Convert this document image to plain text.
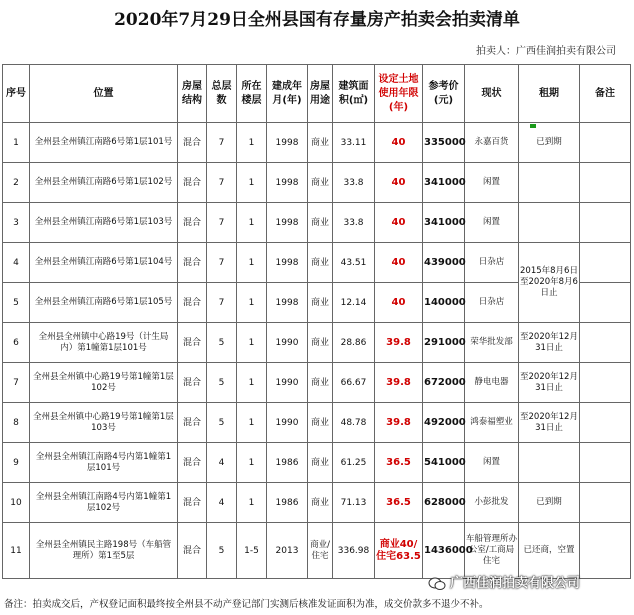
2020年7月29日全州县国有存量房产拍卖会拍卖清单
拍卖人：广西佳润拍卖有限公司
序号	位置	房屋结构	总层数	所在楼层	建成年月(年)	房屋用途	建筑面积(㎡)	设定土地使用年限(年)	参考价(元)	现状	租期	备注
1	全州县全州镇江南路6号第1层101号	混合	7	1	1998	商业	33.11	40	335000	永嘉百货	已到期	
2	全州县全州镇江南路6号第1层102号	混合	7	1	1998	商业	33.8	40	341000	闲置		
3	全州县全州镇江南路6号第1层103号	混合	7	1	1998	商业	33.8	40	341000	闲置		
4	全州县全州镇江南路6号第1层104号	混合	7	1	1998	商业	43.51	40	439000	日杂店	2015年8月6日至2020年8月6日止	
5	全州县全州镇江南路6号第1层105号	混合	7	1	1998	商业	12.14	40	140000	日杂店		
6	全州县全州镇中心路19号（计生局内）第1幢第1层101号	混合	5	1	1990	商业	28.86	39.8	291000	荣华批发部	至2020年12月31日止	
7	全州县全州镇中心路19号第1幢第1层102号	混合	5	1	1990	商业	66.67	39.8	672000	静电电器	至2020年12月31日止	
8	全州县全州镇中心路19号第1幢第1层103号	混合	5	1	1990	商业	48.78	39.8	492000	鸿泰福塑业	至2020年12月31日止	
9	全州县全州镇江南路4号内第1幢第1层101号	混合	4	1	1986	商业	61.25	36.5	541000	闲置		
10	全州县全州镇江南路4号内第1幢第1层102号	混合	4	1	1986	商业	71.13	36.5	628000	小彭批发	已到期	
11	全州县全州镇民主路198号（车船管理所）第1至5层	混合	5	1-5	2013	商业/住宅	336.98	商业40/住宅63.5	1436000	车船管理所办公室/工商局住宅	已还商，空置	
广西佳润拍卖有限公司
备注：拍卖成交后，产权登记面积最终按全州县不动产登记部门实测后核准发证面积为准，成交价款多不退少不补。
